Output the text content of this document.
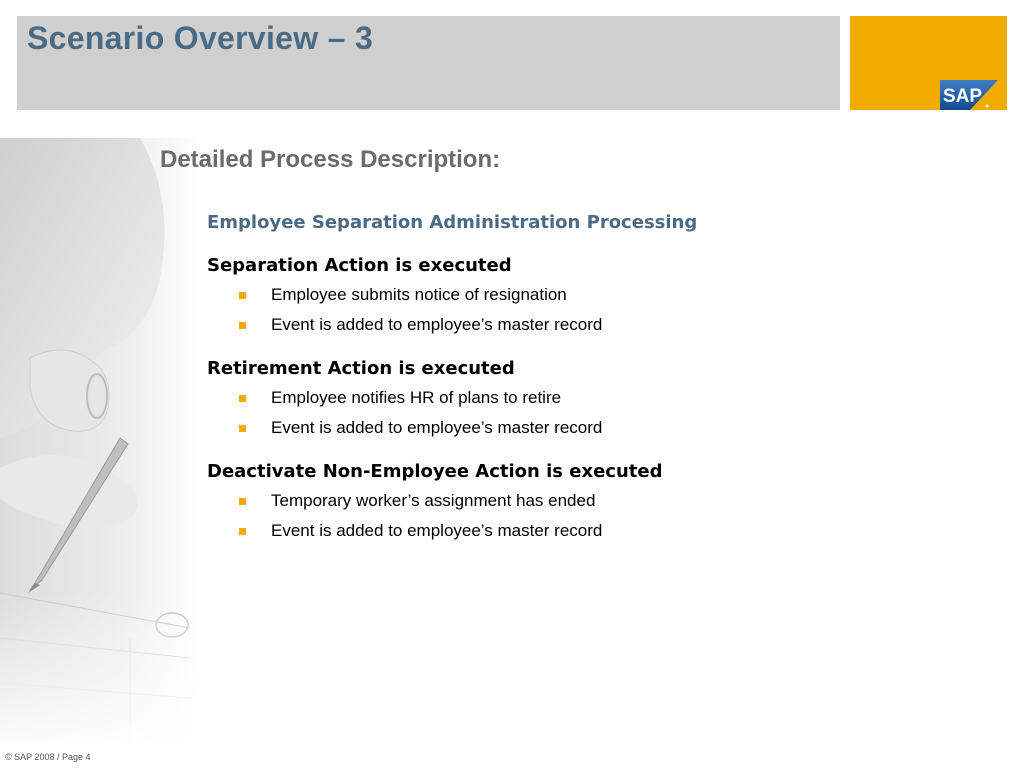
Scenario Overview – 3
SAP
Detailed Process Description:
Employee Separation Administration Processing
Separation Action is executed
Employee submits notice of resignation
Event is added to employee’s master record
Retirement Action is executed
Employee notifies HR of plans to retire
Event is added to employee’s master record
Deactivate Non-Employee Action is executed
Temporary worker’s assignment has ended
Event is added to employee’s master record
© SAP 2008 / Page 4
